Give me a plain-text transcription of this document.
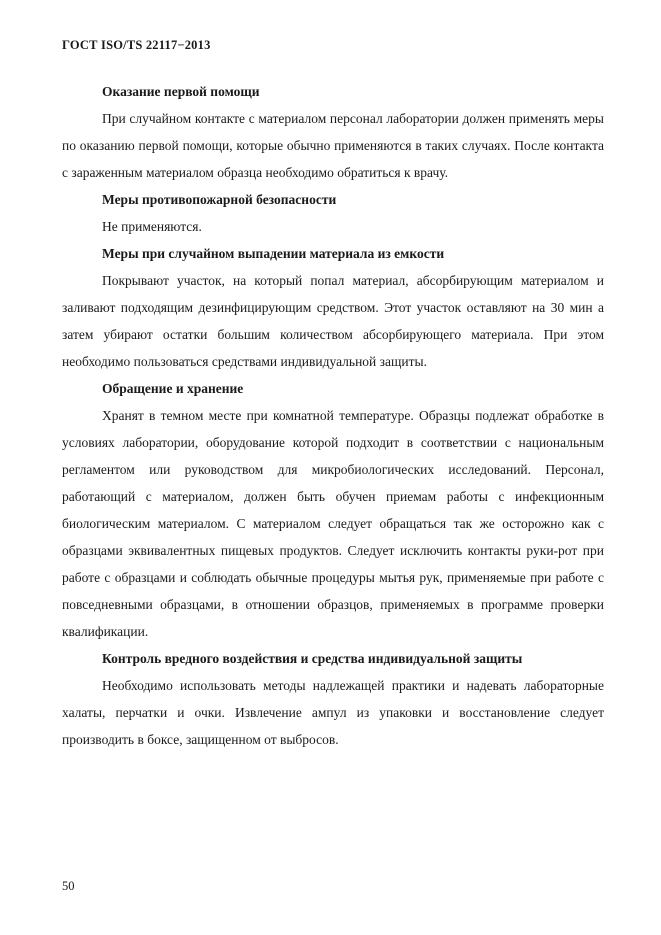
ГОСТ ISO/TS 22117−2013

Оказание первой помощи

При случайном контакте с материалом персонал лаборатории должен применять меры по оказанию первой помощи, которые обычно применяются в таких случаях. После контакта с зараженным материалом образца необходимо обратиться к врачу.

Меры противопожарной безопасности

Не применяются.

Меры при случайном выпадении материала из емкости

Покрывают участок, на который попал материал, абсорбирующим материалом и заливают подходящим дезинфицирующим средством. Этот участок оставляют на 30 мин а затем убирают остатки большим количеством абсорбирующего материала. При этом необходимо пользоваться средствами индивидуальной защиты.

Обращение и хранение

Хранят в темном месте при комнатной температуре. Образцы подлежат обработке в условиях лаборатории, оборудование которой подходит в соответствии с национальным регламентом или руководством для микробиологических исследований. Персонал, работающий с материалом, должен быть обучен приемам работы с инфекционным биологическим материалом. С материалом следует обращаться так же осторожно как с образцами эквивалентных пищевых продуктов. Следует исключить контакты руки-рот при работе с образцами и соблюдать обычные процедуры мытья рук, применяемые при работе с повседневными образцами, в отношении образцов, применяемых в программе проверки квалификации.

Контроль вредного воздействия и средства индивидуальной защиты

Необходимо использовать методы надлежащей практики и надевать лабораторные халаты, перчатки и очки. Извлечение ампул из упаковки и восстановление следует производить в боксе, защищенном от выбросов.

50
